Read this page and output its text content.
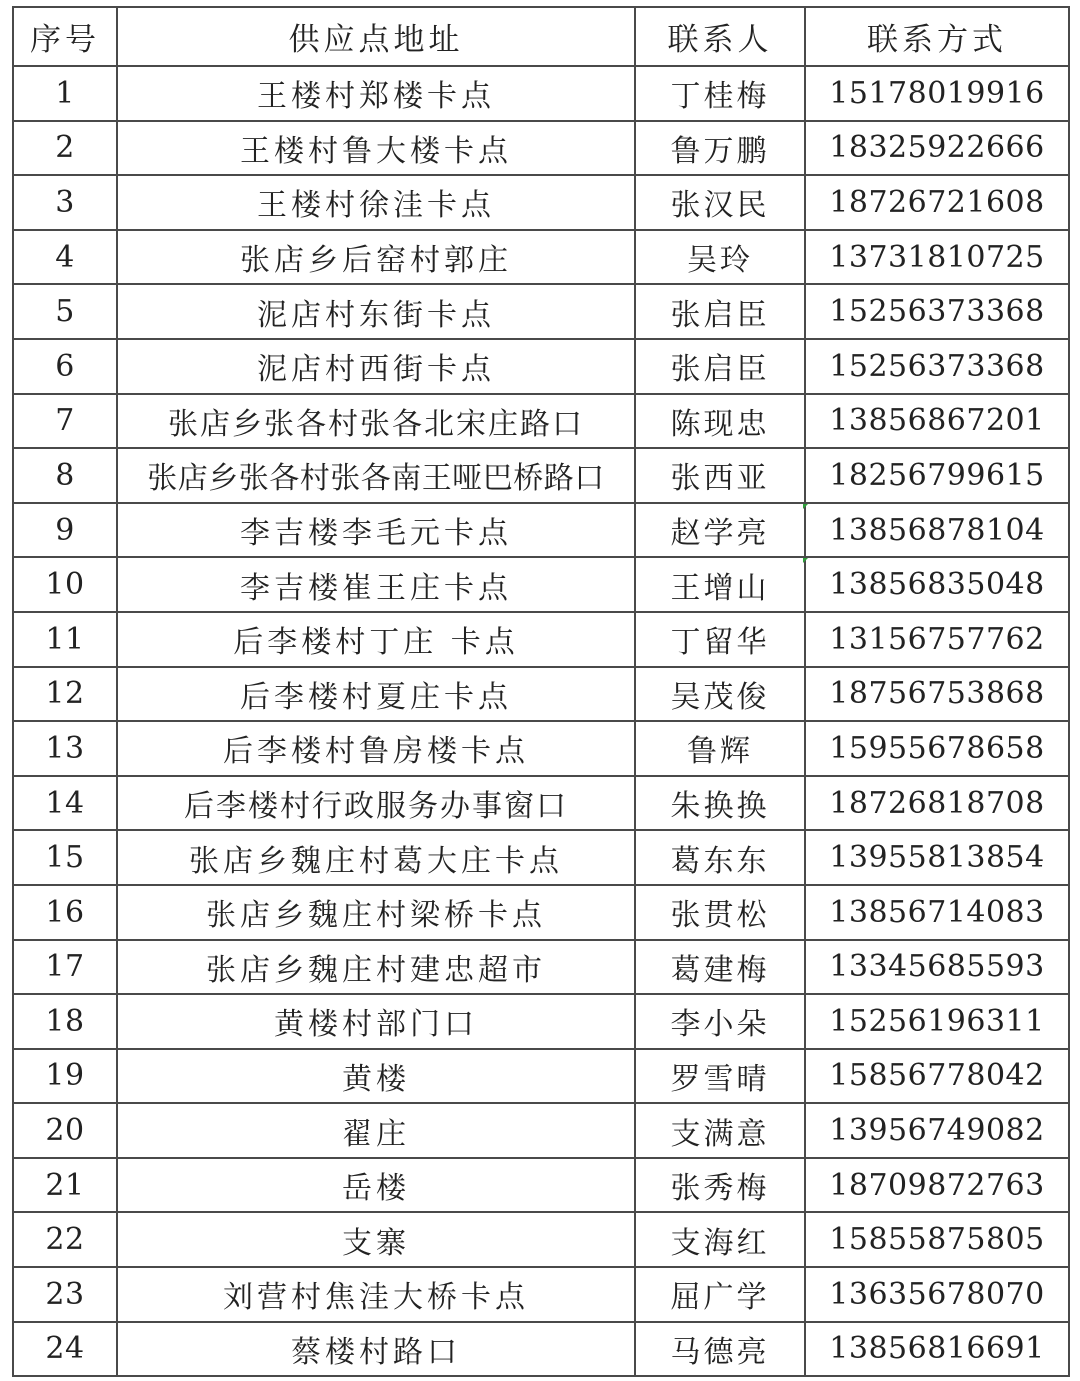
序号	供应点地址	联系人	联系方式
1	王楼村郑楼卡点	丁桂梅	15178019916
2	王楼村鲁大楼卡点	鲁万鹏	18325922666
3	王楼村徐洼卡点	张汉民	18726721608
4	张店乡后窑村郭庄	吴玲	13731810725
5	泥店村东街卡点	张启臣	15256373368
6	泥店村西街卡点	张启臣	15256373368
7	张店乡张各村张各北宋庄路口	陈现忠	13856867201
8	张店乡张各村张各南王哑巴桥路口	张西亚	18256799615
9	李吉楼李毛元卡点	赵学亮	13856878104
10	李吉楼崔王庄卡点	王增山	13856835048
11	后李楼村丁庄 卡点	丁留华	13156757762
12	后李楼村夏庄卡点	吴茂俊	18756753868
13	后李楼村鲁房楼卡点	鲁辉	15955678658
14	后李楼村行政服务办事窗口	朱换换	18726818708
15	张店乡魏庄村葛大庄卡点	葛东东	13955813854
16	张店乡魏庄村梁桥卡点	张贯松	13856714083
17	张店乡魏庄村建忠超市	葛建梅	13345685593
18	黄楼村部门口	李小朵	15256196311
19	黄楼	罗雪晴	15856778042
20	翟庄	支满意	13956749082
21	岳楼	张秀梅	18709872763
22	支寨	支海红	15855875805
23	刘营村焦洼大桥卡点	屈广学	13635678070
24	蔡楼村路口	马德亮	13856816691
